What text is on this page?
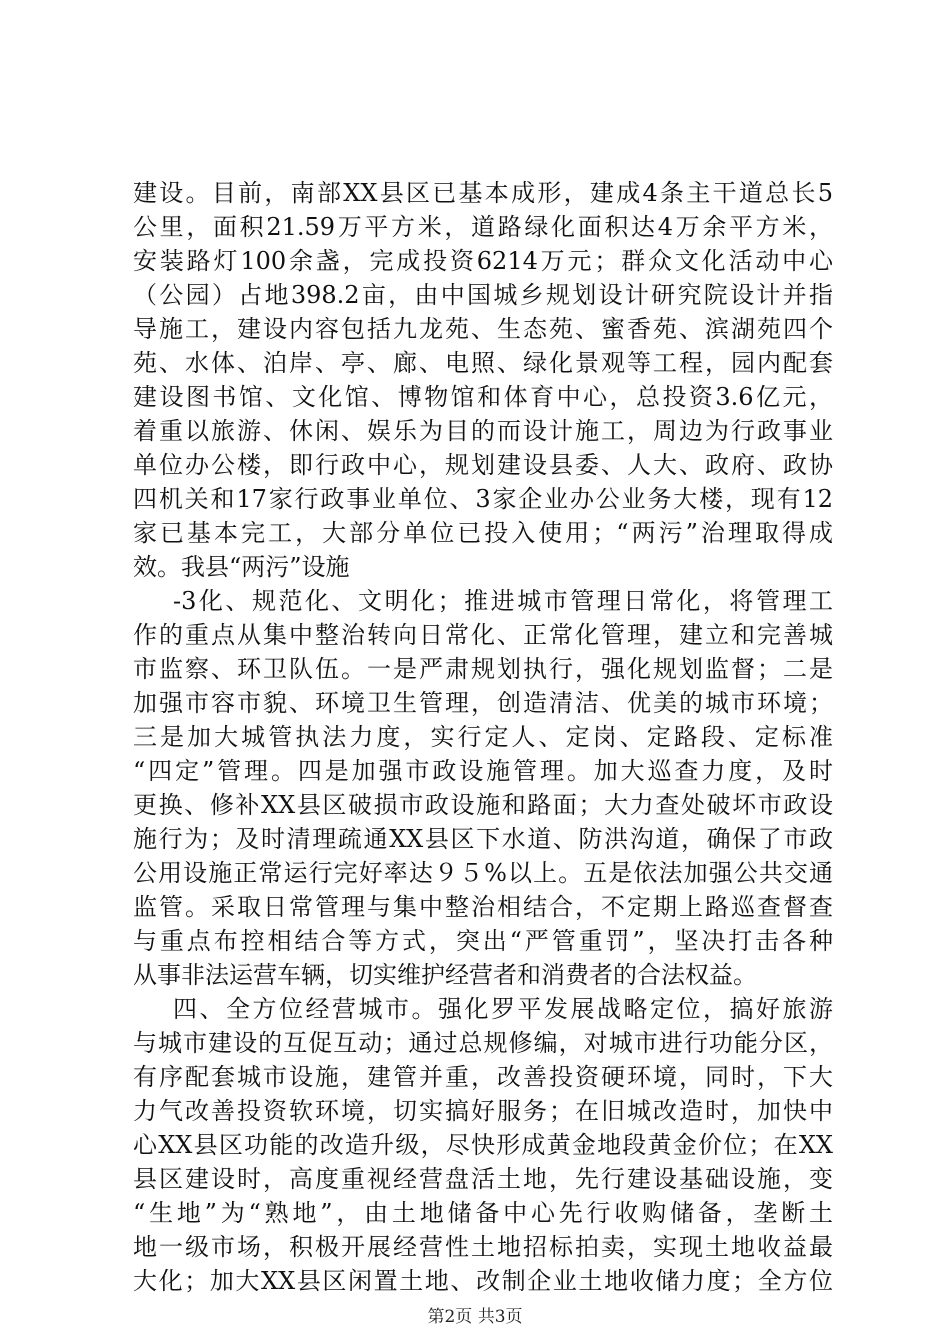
建设。目前，南部XX县区已基本成形，建成4条主干道总长5
公里，面积21.59万平方米，道路绿化面积达4万余平方米，
安装路灯100余盏，完成投资6214万元；群众文化活动中心
（公园）占地398.2亩，由中国城乡规划设计研究院设计并指
导施工，建设内容包括九龙苑、生态苑、蜜香苑、滨湖苑四个
苑、水体、泊岸、亭、廊、电照、绿化景观等工程，园内配套
建设图书馆、文化馆、博物馆和体育中心，总投资3.6亿元，
着重以旅游、休闲、娱乐为目的而设计施工，周边为行政事业
单位办公楼，即行政中心，规划建设县委、人大、政府、政协
四机关和17家行政事业单位、3家企业办公业务大楼，现有12
家已基本完工，大部分单位已投入使用；“两污”治理取得成
效。我县“两污”设施
-3化、规范化、文明化；推进城市管理日常化，将管理工
作的重点从集中整治转向日常化、正常化管理，建立和完善城
市监察、环卫队伍。一是严肃规划执行，强化规划监督；二是
加强市容市貌、环境卫生管理，创造清洁、优美的城市环境；
三是加大城管执法力度，实行定人、定岗、定路段、定标准
“四定”管理。四是加强市政设施管理。加大巡查力度，及时
更换、修补XX县区破损市政设施和路面；大力查处破坏市政设
施行为；及时清理疏通XX县区下水道、防洪沟道，确保了市政
公用设施正常运行完好率达９５%以上。五是依法加强公共交通
监管。采取日常管理与集中整治相结合，不定期上路巡查督查
与重点布控相结合等方式，突出“严管重罚”，坚决打击各种
从事非法运营车辆，切实维护经营者和消费者的合法权益。
四、全方位经营城市。强化罗平发展战略定位，搞好旅游
与城市建设的互促互动；通过总规修编，对城市进行功能分区，
有序配套城市设施，建管并重，改善投资硬环境，同时，下大
力气改善投资软环境，切实搞好服务；在旧城改造时，加快中
心XX县区功能的改造升级，尽快形成黄金地段黄金价位；在XX
县区建设时，高度重视经营盘活土地，先行建设基础设施，变
“生地”为“熟地”，由土地储备中心先行收购储备，垄断土
地一级市场，积极开展经营性土地招标拍卖，实现土地收益最
大化；加大XX县区闲置土地、改制企业土地收储力度；全方位
第2页 共3页
